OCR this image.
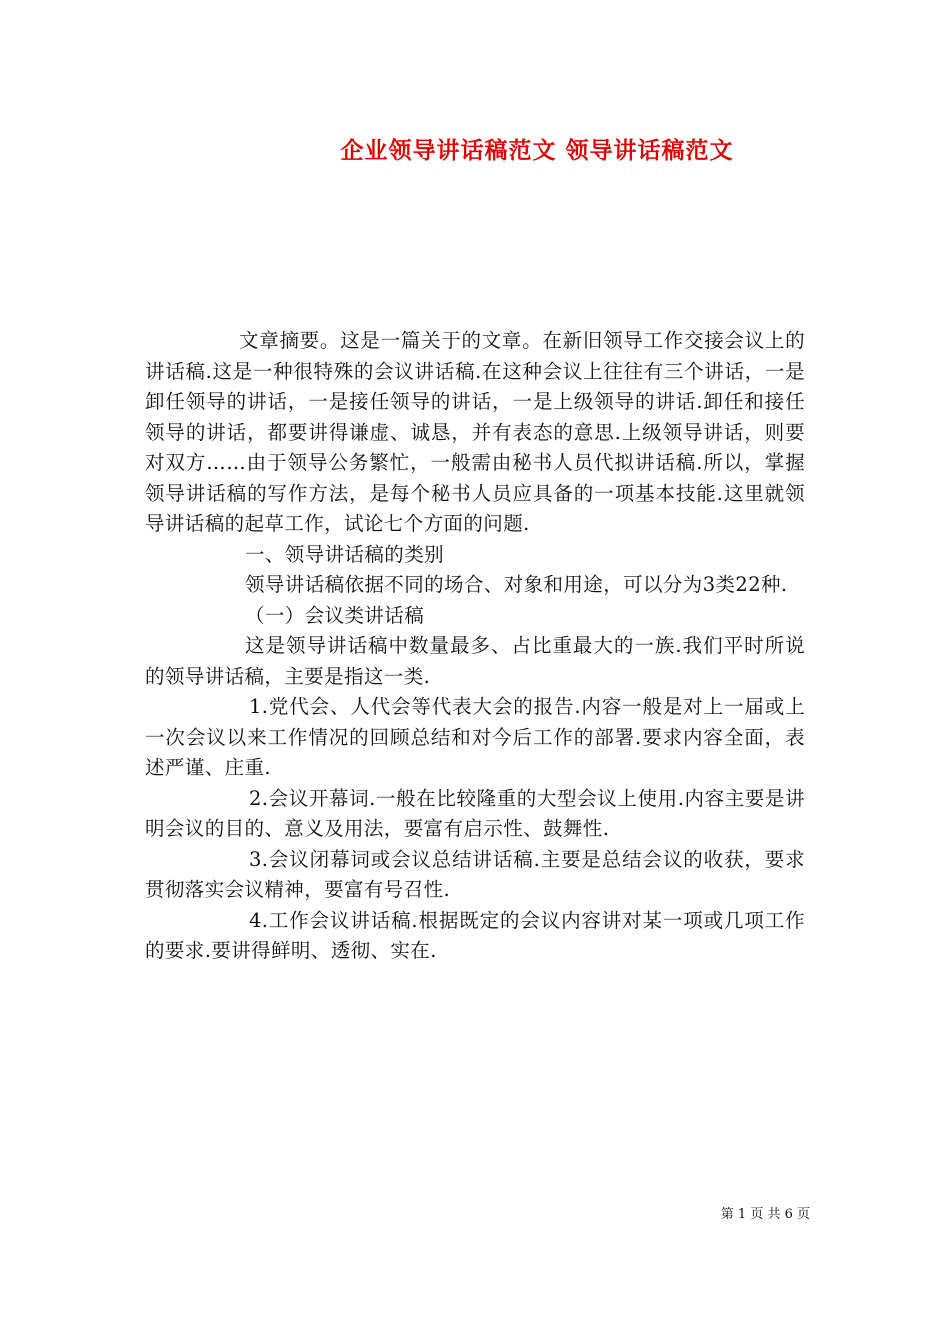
企业领导讲话稿范文 领导讲话稿范文

文章摘要。这是一篇关于的文章。在新旧领导工作交接会议上的讲话稿.这是一种很特殊的会议讲话稿.在这种会议上往往有三个讲话，一是卸任领导的讲话，一是接任领导的讲话，一是上级领导的讲话.卸任和接任领导的讲话，都要讲得谦虚、诚恳，并有表态的意思.上级领导讲话，则要对双方……由于领导公务繁忙，一般需由秘书人员代拟讲话稿.所以，掌握领导讲话稿的写作方法，是每个秘书人员应具备的一项基本技能.这里就领导讲话稿的起草工作，试论七个方面的问题.

一、领导讲话稿的类别

领导讲话稿依据不同的场合、对象和用途，可以分为3类22种.

（一）会议类讲话稿

这是领导讲话稿中数量最多、占比重最大的一族.我们平时所说的领导讲话稿，主要是指这一类.

1.党代会、人代会等代表大会的报告.内容一般是对上一届或上一次会议以来工作情况的回顾总结和对今后工作的部署.要求内容全面，表述严谨、庄重.

2.会议开幕词.一般在比较隆重的大型会议上使用.内容主要是讲明会议的目的、意义及用法，要富有启示性、鼓舞性.

3.会议闭幕词或会议总结讲话稿.主要是总结会议的收获，要求贯彻落实会议精神，要富有号召性.

4.工作会议讲话稿.根据既定的会议内容讲对某一项或几项工作的要求.要讲得鲜明、透彻、实在.

第 1 页 共 6 页
